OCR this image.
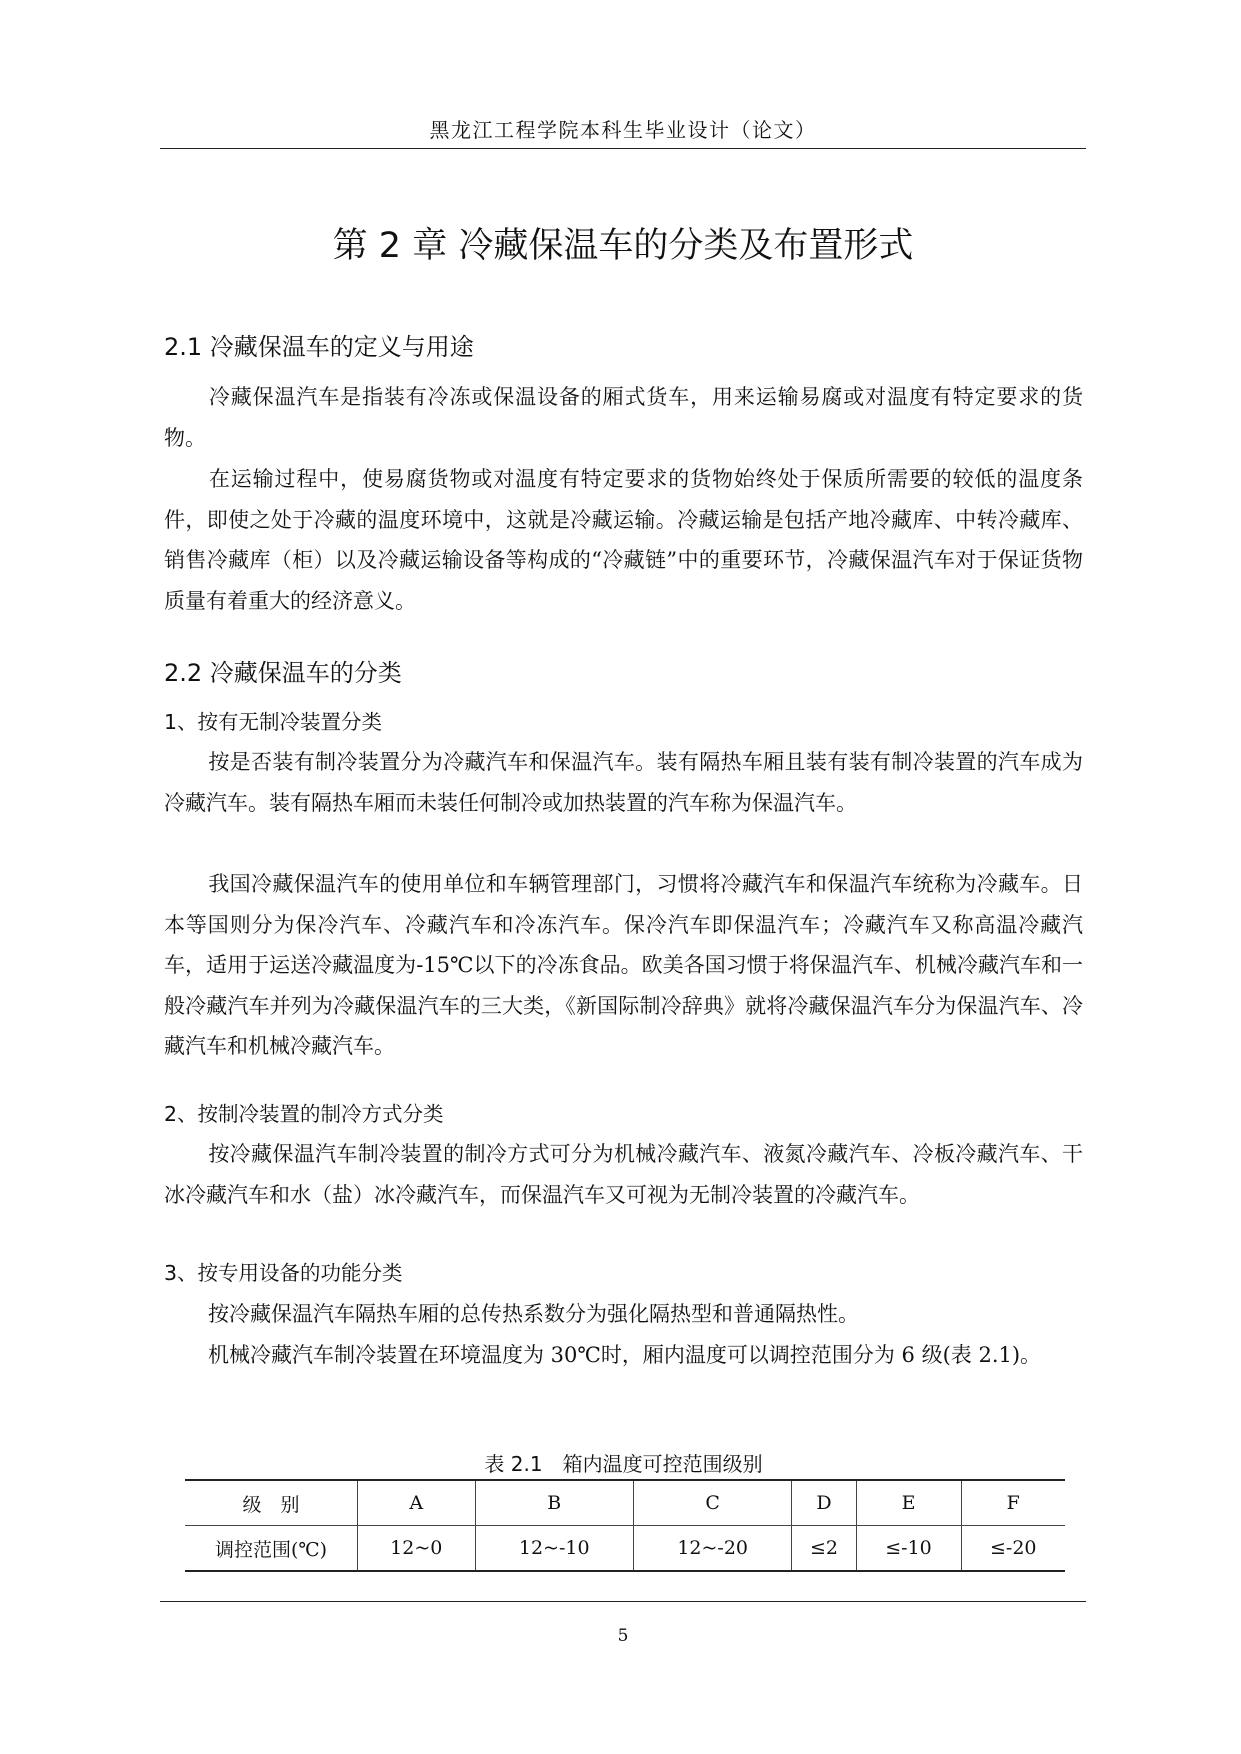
黑龙江工程学院本科生毕业设计（论文）
第 2 章 冷藏保温车的分类及布置形式
2.1 冷藏保温车的定义与用途

冷藏保温汽车是指装有冷冻或保温设备的厢式货车，用来运输易腐或对温度有特定要求的货物。

在运输过程中，使易腐货物或对温度有特定要求的货物始终处于保质所需要的较低的温度条件，即使之处于冷藏的温度环境中，这就是冷藏运输。冷藏运输是包括产地冷藏库、中转冷藏库、销售冷藏库（柜）以及冷藏运输设备等构成的“冷藏链”中的重要环节，冷藏保温汽车对于保证货物质量有着重大的经济意义。

2.2 冷藏保温车的分类
1、按有无制冷装置分类

按是否装有制冷装置分为冷藏汽车和保温汽车。装有隔热车厢且装有装有制冷装置的汽车成为冷藏汽车。装有隔热车厢而未装任何制冷或加热装置的汽车称为保温汽车。

我国冷藏保温汽车的使用单位和车辆管理部门，习惯将冷藏汽车和保温汽车统称为冷藏车。日本等国则分为保冷汽车、冷藏汽车和冷冻汽车。保冷汽车即保温汽车；冷藏汽车又称高温冷藏汽车，适用于运送冷藏温度为-15℃以下的冷冻食品。欧美各国习惯于将保温汽车、机械冷藏汽车和一般冷藏汽车并列为冷藏保温汽车的三大类，《新国际制冷辞典》就将冷藏保温汽车分为保温汽车、冷藏汽车和机械冷藏汽车。

2、按制冷装置的制冷方式分类

按冷藏保温汽车制冷装置的制冷方式可分为机械冷藏汽车、液氮冷藏汽车、冷板冷藏汽车、干冰冷藏汽车和水（盐）冰冷藏汽车，而保温汽车又可视为无制冷装置的冷藏汽车。

3、按专用设备的功能分类

按冷藏保温汽车隔热车厢的总传热系数分为强化隔热型和普通隔热性。

机械冷藏汽车制冷装置在环境温度为 30℃时，厢内温度可以调控范围分为 6 级(表 2.1)。

表 2.1　箱内温度可控范围级别
级　别	A	B	C	D	E	F
调控范围(℃)	12~0	12~-10	12~-20	≤2	≤-10	≤-20
5
